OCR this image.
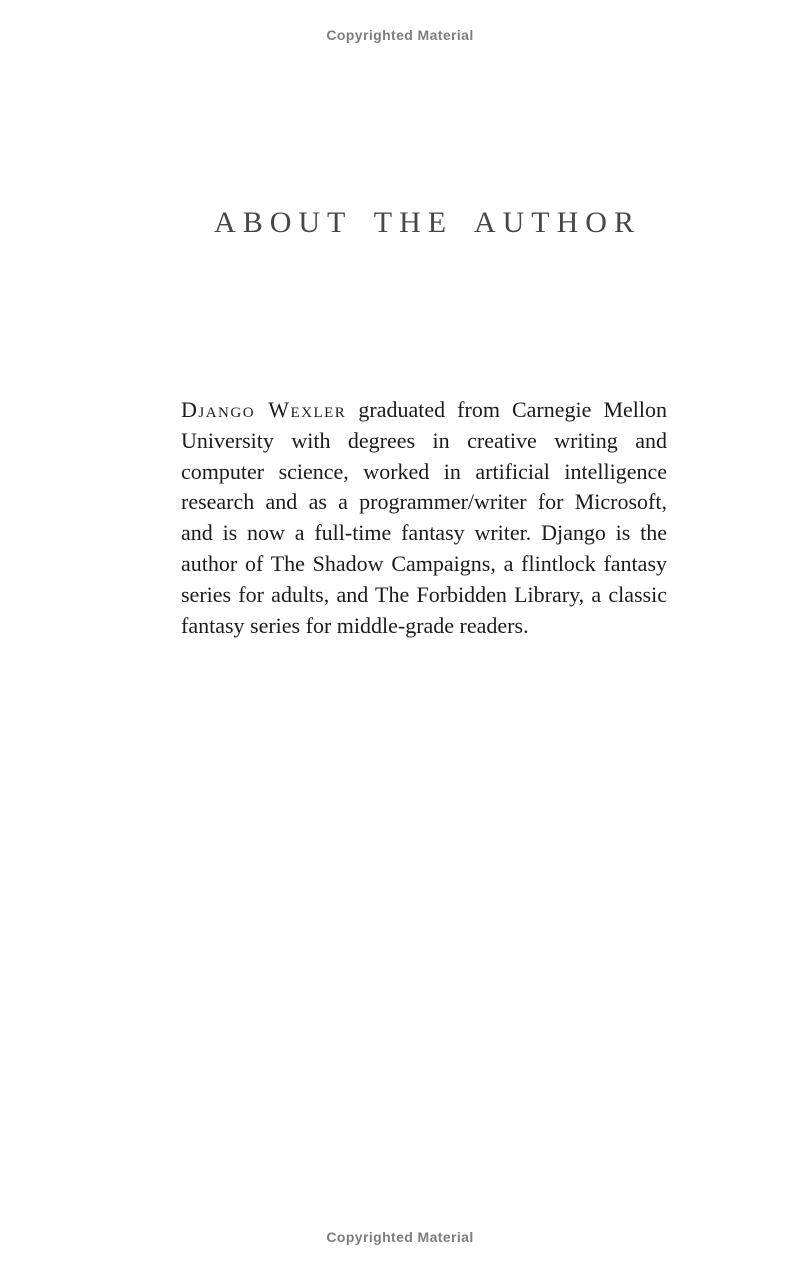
Copyrighted Material
ABOUT THE AUTHOR

Django Wexler graduated from Carnegie Mellon University with degrees in creative writing and computer science, worked in artificial intelligence research and as a programmer/writer for Microsoft, and is now a full-time fantasy writer. Django is the author of The Shadow Campaigns, a flintlock fantasy series for adults, and The Forbidden Library, a classic fantasy series for middle-grade readers.

Copyrighted Material
